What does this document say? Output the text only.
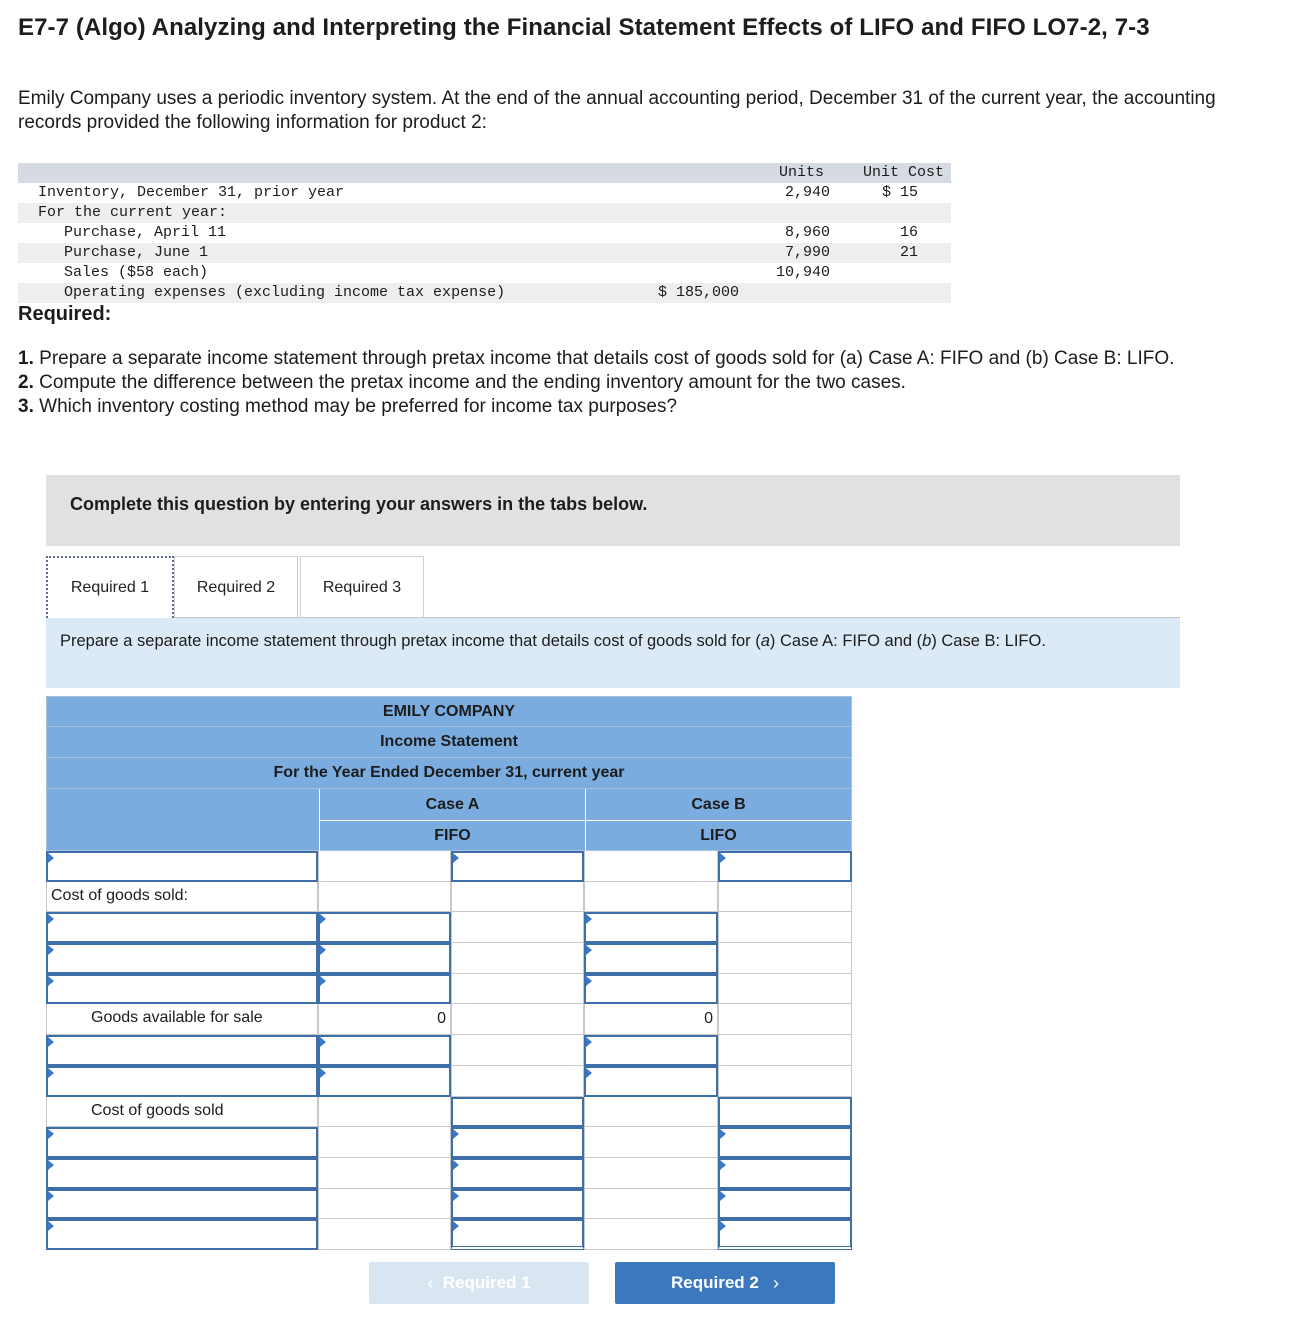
E7-7 (Algo) Analyzing and Interpreting the Financial Statement Effects of LIFO and FIFO LO7-2, 7-3

Emily Company uses a periodic inventory system. At the end of the annual accounting period, December 31 of the current year, the accounting records provided the following information for product 2:

Units	Unit Cost
Inventory, December 31, prior year	2,940	$ 15
For the current year:
Purchase, April 11	8,960	16
Purchase, June 1	7,990	21
Sales ($58 each)	10,940
Operating expenses (excluding income tax expense)	$ 185,000
Required:
1. Prepare a separate income statement through pretax income that details cost of goods sold for (a) Case A: FIFO and (b) Case B: LIFO.
2. Compute the difference between the pretax income and the ending inventory amount for the two cases.
3. Which inventory costing method may be preferred for income tax purposes?
Complete this question by entering your answers in the tabs below.
Required 1	Required 2	Required 3
Prepare a separate income statement through pretax income that details cost of goods sold for (a) Case A: FIFO and (b) Case B: LIFO.
EMILY COMPANY
Income Statement
For the Year Ended December 31, current year
Case A	Case B
FIFO	LIFO
Cost of goods sold:
Goods available for sale	0	0
Cost of goods sold
‹
Required 1	Required 2
›
